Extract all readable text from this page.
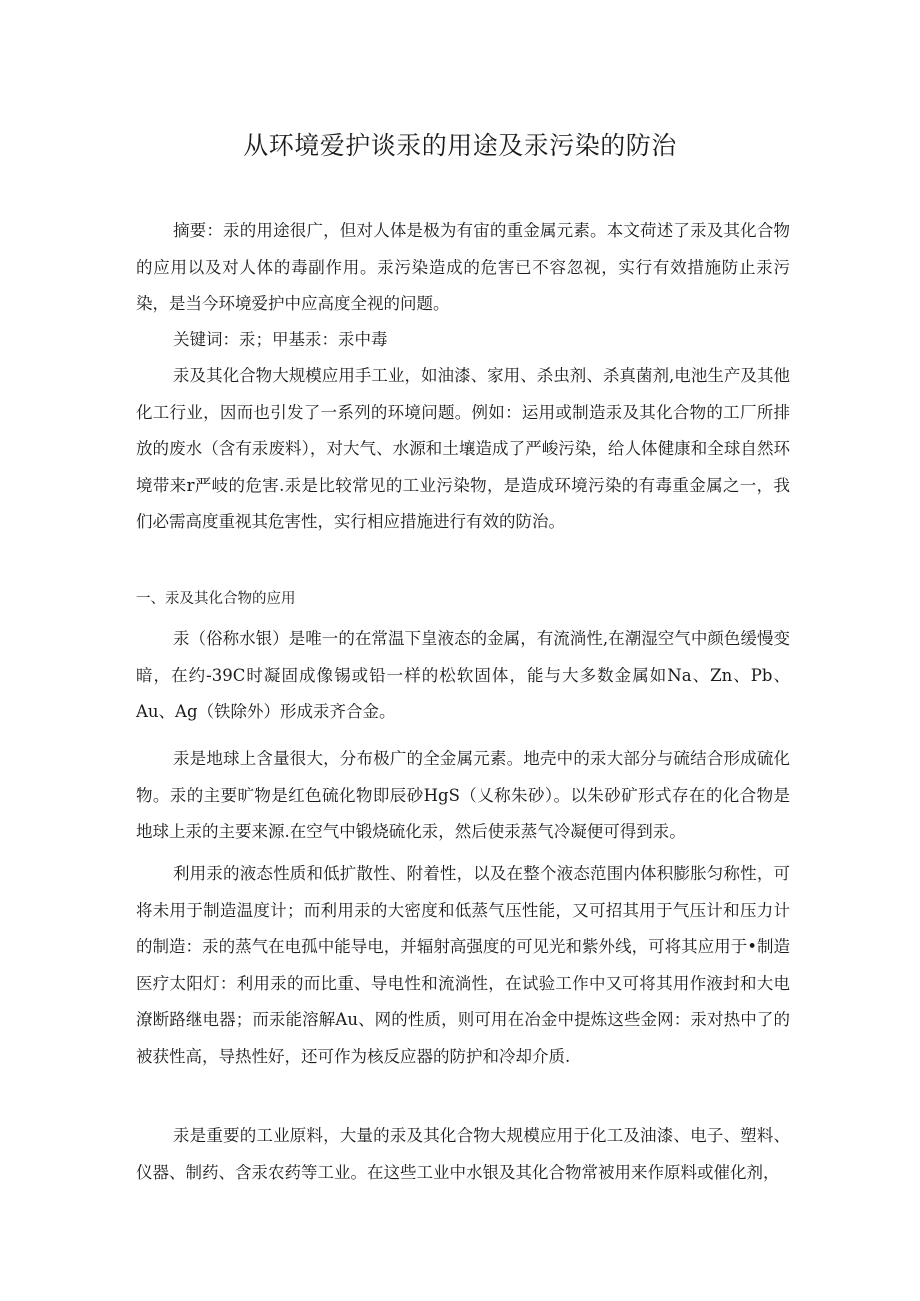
从环境爱护谈汞的用途及汞污染的防治

摘要：汞的用途很广，但对人体是极为有宙的重金属元素。本文荷述了汞及其化合物的应用以及对人体的毒副作用。汞污染造成的危害已不容忽视，实行有效措施防止汞污染，是当今环境爱护中应高度全视的问题。

关键词：汞；甲基汞：汞中毒

汞及其化合物大规模应用手工业，如油漆、家用、杀虫剂、杀真菌剂,电池生产及其他化工行业，因而也引发了一系列的环境问题。例如：运用或制造汞及其化合物的工厂所排放的废水（含有汞废料），对大气、水源和土壤造成了严峻污染，给人体健康和全球自然环境带来r严岐的危害.汞是比较常见的工业污染物，是造成环境污染的有毒重金属之一，我们必需高度重视其危害性，实行相应措施进行有效的防治。

一、汞及其化合物的应用

汞（俗称水银）是唯一的在常温下皇液态的金属，有流淌性,在潮湿空气中颜色缓慢变暗，在约-39C时凝固成像锡或铅一样的松软固体，能与大多数金属如Na、Zn、Pb、Au、Ag（铁除外）形成汞齐合金。

汞是地球上含量很大，分布极广的全金属元素。地壳中的汞大部分与硫结合形成硫化物。汞的主要旷物是红色硫化物即辰砂HgS（乂称朱砂）。以朱砂矿形式存在的化合物是地球上汞的主要来源.在空气中锻烧硫化汞，然后使汞蒸气冷凝便可得到汞。

利用汞的液态性质和低扩散性、附着性，以及在整个液态范围内体积膨胀匀称性，可将未用于制造温度计；而利用汞的大密度和低蒸气压性能，又可招其用于气压计和压力计的制造：汞的蒸气在电孤中能导电，并辐射高强度的可见光和紫外线，可将其应用于•制造医疗太阳灯：利用汞的而比重、导电性和流淌性，在试验工作中又可将其用作液封和大电潦断路继电器；而汞能溶解Au、网的性质，则可用在冶金中提炼这些金网：汞对热中了的被获性高，导热性好，还可作为核反应器的防护和冷却介质.

汞是重要的工业原料，大量的汞及其化合物大规模应用于化工及油漆、电子、塑料、仪器、制药、含汞农药等工业。在这些工业中水银及其化合物常被用来作原料或催化剂，
